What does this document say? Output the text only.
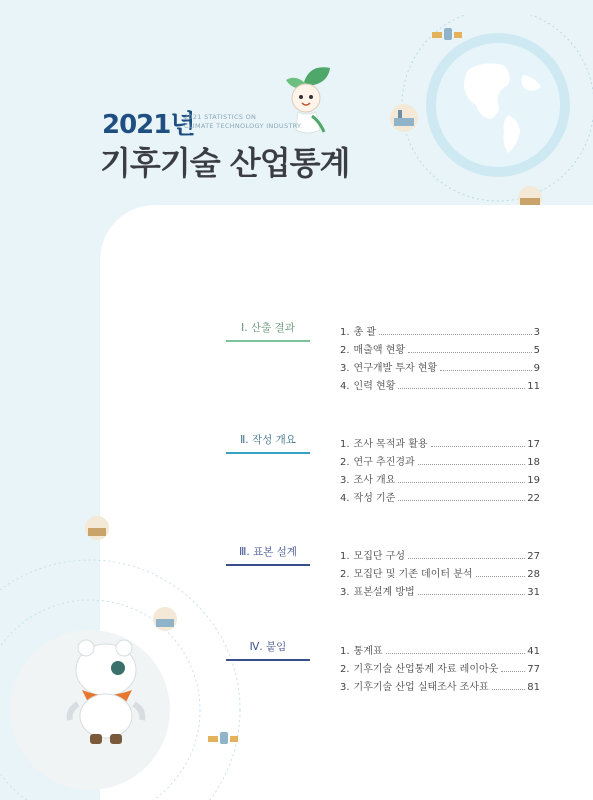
2021년
2021 STATISTICS ON
CLIMATE TECHNOLOGY INDUSTRY
기후기술 산업통계
Ⅰ. 산출 결과	1. 총 괄	3
2. 매출액 현황	5
3. 연구개발 투자 현황	9
4. 인력 현황	11
Ⅱ. 작성 개요	1. 조사 목적과 활용	17
2. 연구 추진경과	18
3. 조사 개요	19
4. 작성 기준	22
Ⅲ. 표본 설계	1. 모집단 구성	27
2. 모집단 및 기존 데이터 분석	28
3. 표본설계 방법	31
Ⅳ. 붙임	1. 통계표	41
2. 기후기술 산업통계 자료 레이아웃	77
3. 기후기술 산업 실태조사 조사표	81
